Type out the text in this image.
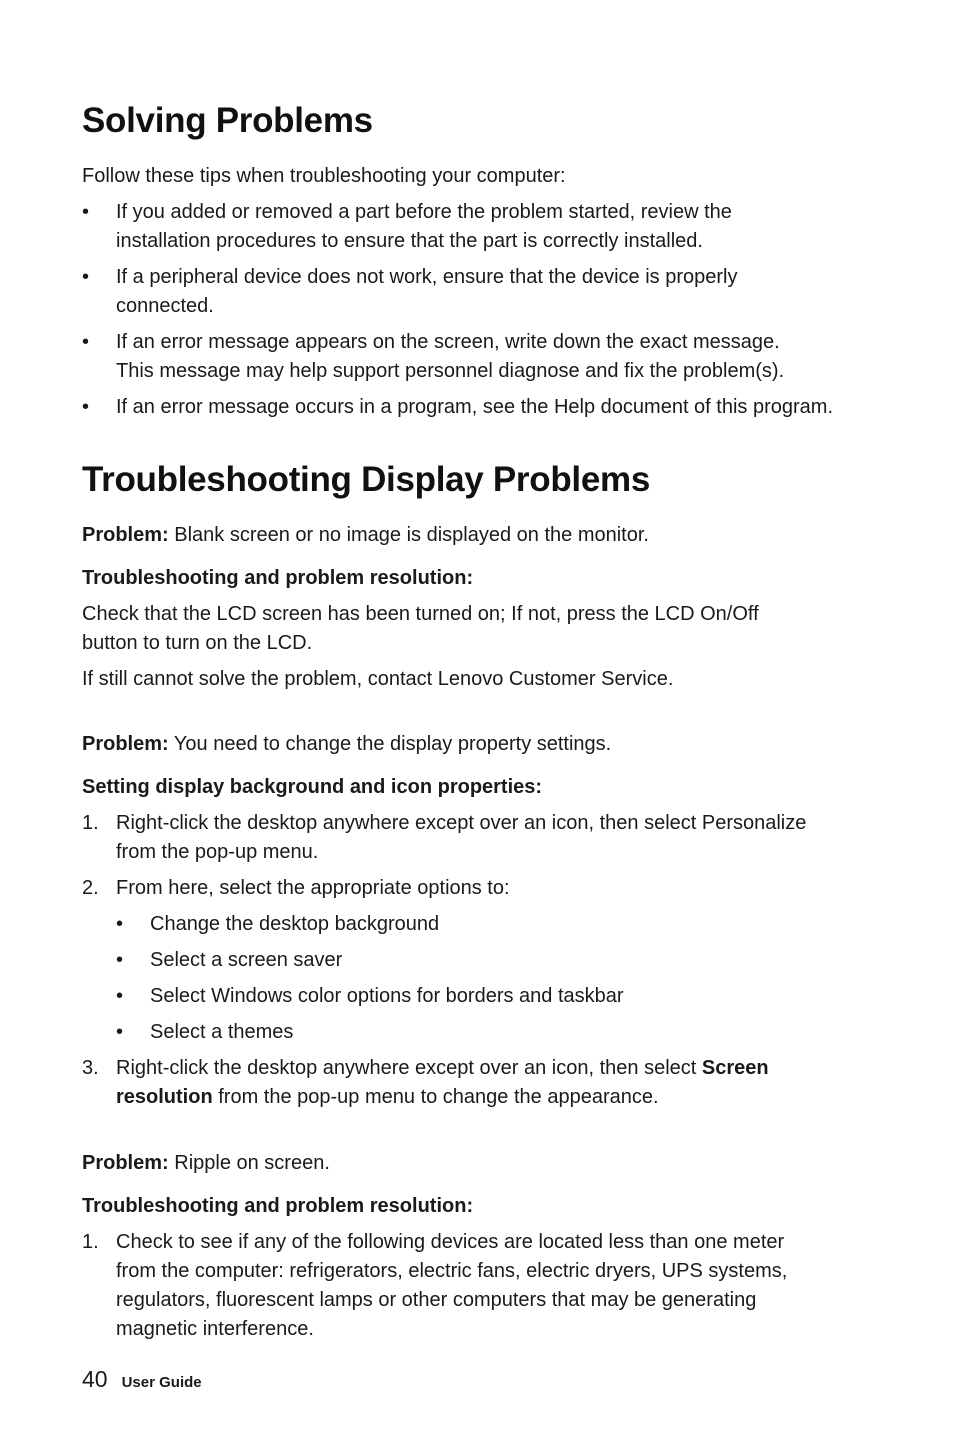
Solving Problems

Follow these tips when troubleshooting your computer:

•	If you added or removed a part before the problem started, review the
installation procedures to ensure that the part is correctly installed.
•	If a peripheral device does not work, ensure that the device is properly
connected.
•	If an error message appears on the screen, write down the exact message.
This message may help support personnel diagnose and fix the problem(s).
•	If an error message occurs in a program, see the Help document of this program.
Troubleshooting Display Problems

Problem: Blank screen or no image is displayed on the monitor.

Troubleshooting and problem resolution:

Check that the LCD screen has been turned on; If not, press the LCD On/Off
button to turn on the LCD.

If still cannot solve the problem, contact Lenovo Customer Service.

Problem: You need to change the display property settings.

Setting display background and icon properties:

1. Right-click the desktop anywhere except over an icon, then select Personalize
from the pop-up menu.
2. From here, select the appropriate options to:
•	Change the desktop background
•	Select a screen saver
•	Select Windows color options for borders and taskbar
•	Select a themes
3. Right-click the desktop anywhere except over an icon, then select Screen
resolution from the pop-up menu to change the appearance.

Problem: Ripple on screen.

Troubleshooting and problem resolution:

1. Check to see if any of the following devices are located less than one meter
from the computer: refrigerators, electric fans, electric dryers, UPS systems,
regulators, fluorescent lamps or other computers that may be generating
magnetic interference.
40 User Guide
